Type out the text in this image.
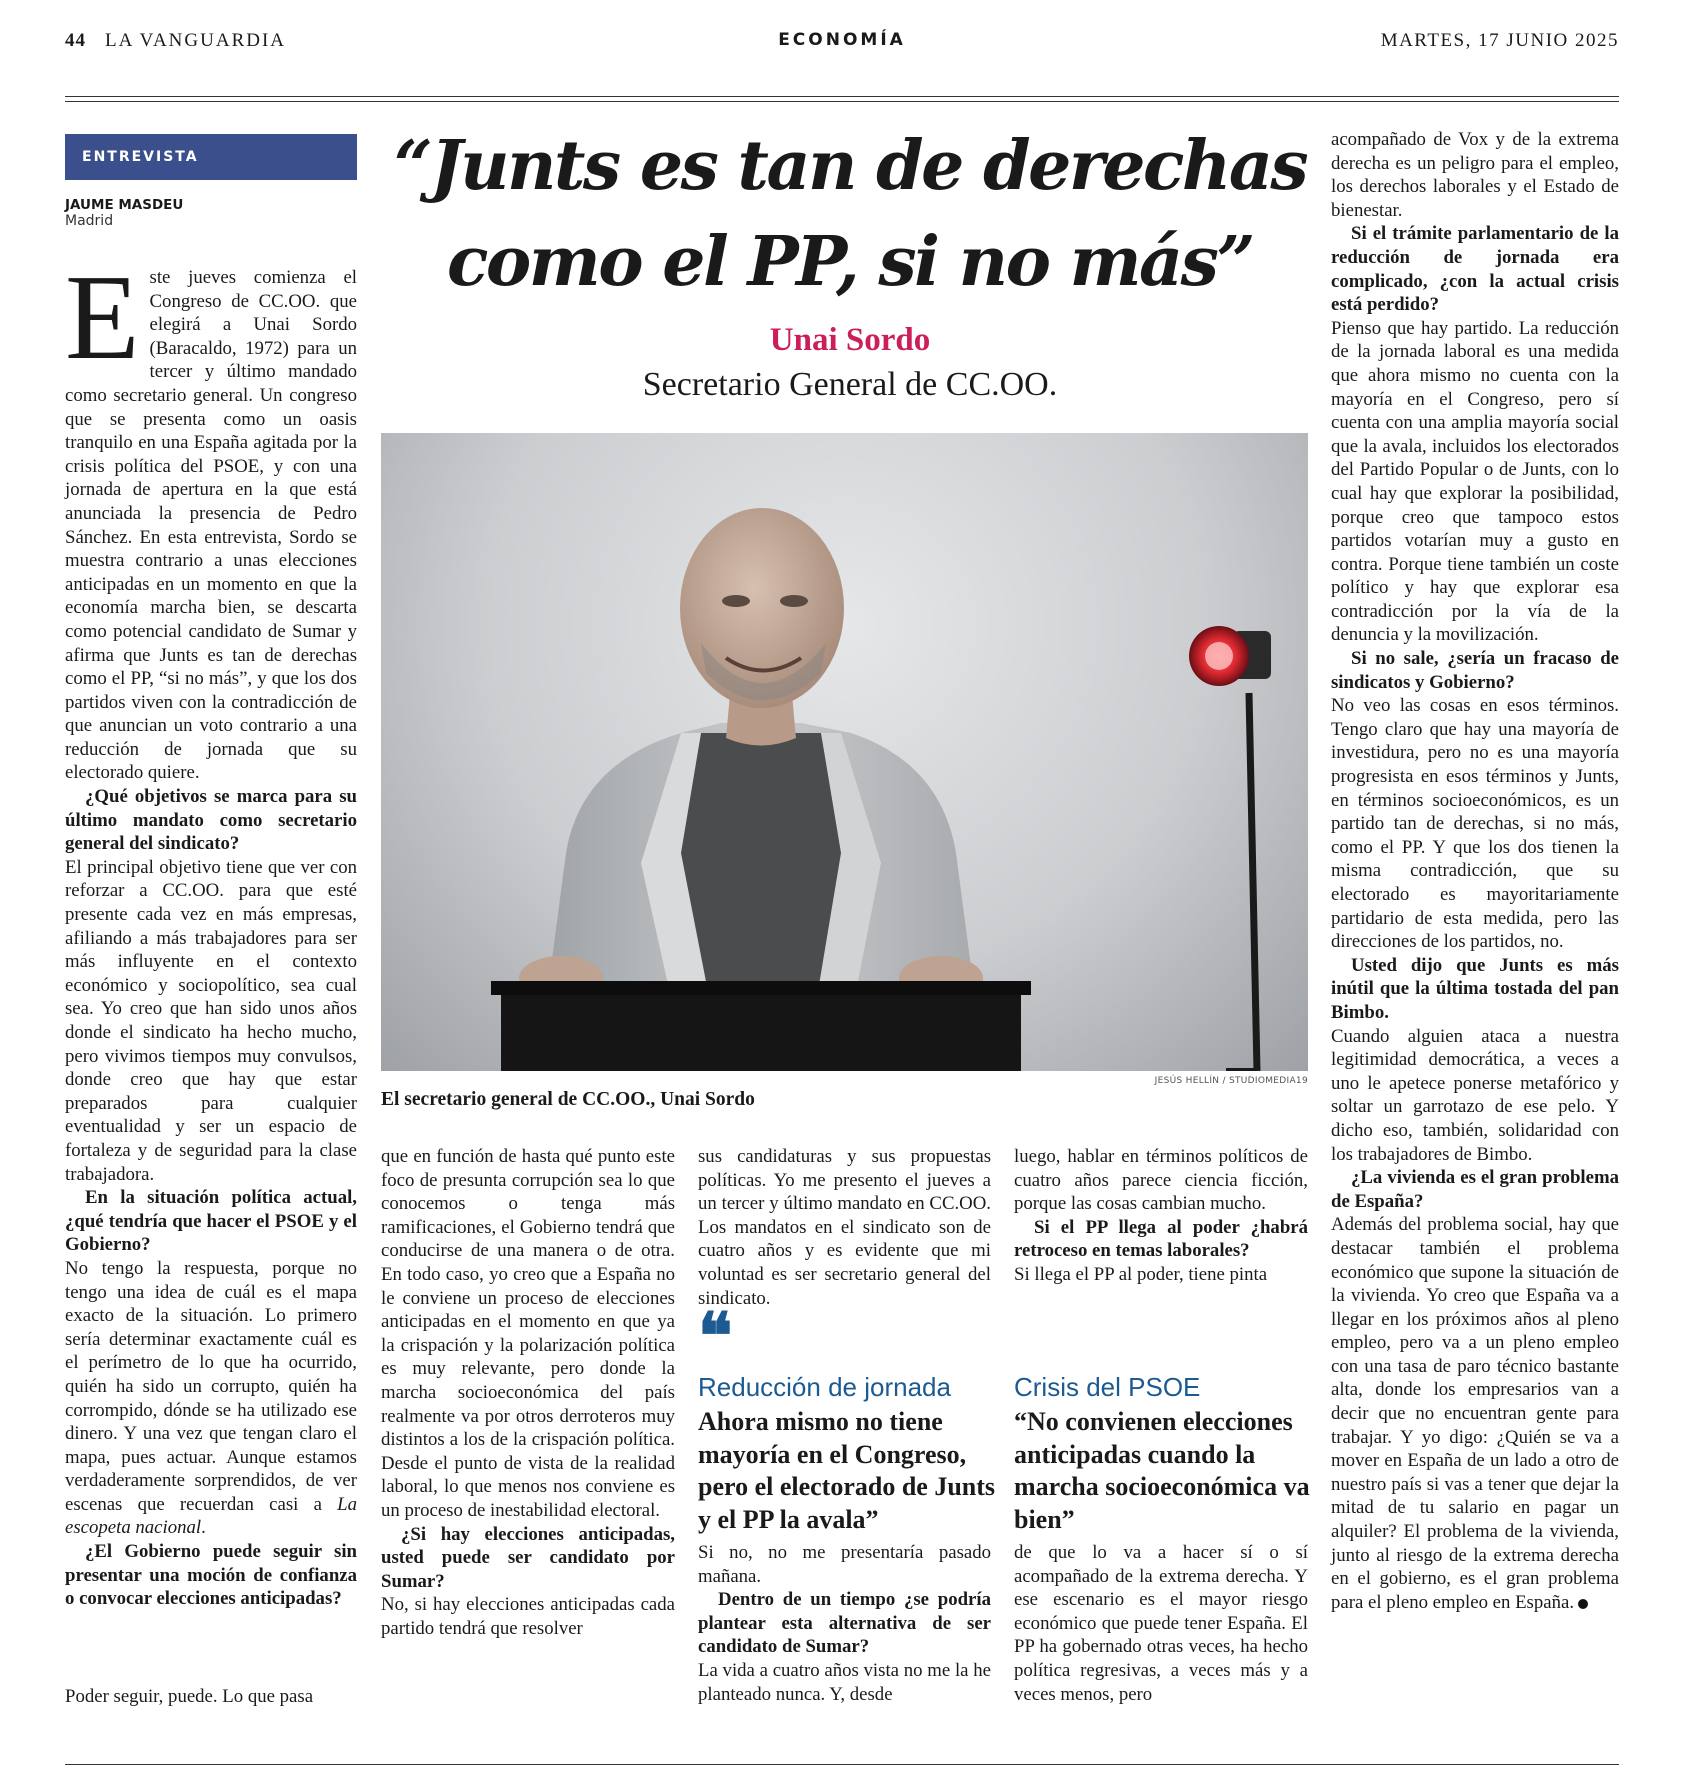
44 LA VANGUARDIA	ECONOMÍA	MARTES, 17 JUNIO 2025
ENTREVISTA
JAUME MASDEU
Madrid
“Junts es tan de derechas
como el PP, si no más”
Unai Sordo
Secretario General de CC.OO.
JESÚS HELLÍN / STUDIOMEDIA19
El secretario general de CC.OO., Unai Sordo

Este jueves comienza el Congreso de CC.OO. que elegirá a Unai Sordo (Baracaldo, 1972) para un tercer y último mandado como secretario general. Un congreso que se presenta como un oasis tranquilo en una España agitada por la crisis política del PSOE, y con una jornada de apertura en la que está anunciada la presencia de Pedro Sánchez. En esta entrevista, Sordo se muestra contrario a unas elecciones anticipadas en un momento en que la economía marcha bien, se descarta como potencial candidato de Sumar y afirma que Junts es tan de derechas como el PP, “si no más”, y que los dos partidos viven con la contradicción de que anuncian un voto contrario a una reducción de jornada que su electorado quiere.

¿Qué objetivos se marca para su último mandato como secretario general del sindicato?

El principal objetivo tiene que ver con reforzar a CC.OO. para que esté presente cada vez en más empresas, afiliando a más trabajadores para ser más influyente en el contexto económico y sociopolítico, sea cual sea. Yo creo que han sido unos años donde el sindicato ha hecho mucho, pero vivimos tiempos muy convulsos, donde creo que hay que estar preparados para cualquier eventualidad y ser un espacio de fortaleza y de seguridad para la clase trabajadora.

En la situación política actual, ¿qué tendría que hacer el PSOE y el Gobierno?

No tengo la respuesta, porque no tengo una idea de cuál es el mapa exacto de la situación. Lo primero sería determinar exactamente cuál es el perímetro de lo que ha ocurrido, quién ha sido un corrupto, quién ha corrompido, dónde se ha utilizado ese dinero. Y una vez que tengan claro el mapa, pues actuar. Aunque estamos verdaderamente sorprendidos, de ver escenas que recuerdan casi a La escopeta nacional.

¿El Gobierno puede seguir sin presentar una moción de confianza o convocar elecciones anticipadas?

Poder seguir, puede. Lo que pasa

que en función de hasta qué punto este foco de presunta corrupción sea lo que conocemos o tenga más ramificaciones, el Gobierno tendrá que conducirse de una manera o de otra. En todo caso, yo creo que a España no le conviene un proceso de elecciones anticipadas en el momento en que ya la crispación y la polarización política es muy relevante, pero donde la marcha socioeconómica del país realmente va por otros derroteros muy distintos a los de la crispación política. Desde el punto de vista de la realidad laboral, lo que menos nos conviene es un proceso de inestabilidad electoral.

¿Si hay elecciones anticipadas, usted puede ser candidato por Sumar?

No, si hay elecciones anticipadas cada partido tendrá que resolver

sus candidaturas y sus propuestas políticas. Yo me presento el jueves a un tercer y último mandato en CC.OO. Los mandatos en el sindicato son de cuatro años y es evidente que mi voluntad es ser secretario general del sindicato.

❝
Reducción de jornada
Ahora mismo no tiene mayoría en el Congreso, pero el electorado de Junts y el PP la avala”

Si no, no me presentaría pasado mañana.

Dentro de un tiempo ¿se podría plantear esta alternativa de ser candidato de Sumar?

La vida a cuatro años vista no me la he planteado nunca. Y, desde

luego, hablar en términos políticos de cuatro años parece ciencia ficción, porque las cosas cambian mucho.

Si el PP llega al poder ¿habrá retroceso en temas laborales?

Si llega el PP al poder, tiene pinta

Crisis del PSOE
“No convienen elecciones anticipadas cuando la marcha socioeconómica va bien”

de que lo va a hacer sí o sí acompañado de la extrema derecha. Y ese escenario es el mayor riesgo económico que puede tener España. El PP ha gobernado otras veces, ha hecho política regresivas, a veces más y a veces menos, pero

acompañado de Vox y de la extrema derecha es un peligro para el empleo, los derechos laborales y el Estado de bienestar.

Si el trámite parlamentario de la reducción de jornada era complicado, ¿con la actual crisis está perdido?

Pienso que hay partido. La reducción de la jornada laboral es una medida que ahora mismo no cuenta con la mayoría en el Congreso, pero sí cuenta con una amplia mayoría social que la avala, incluidos los electorados del Partido Popular o de Junts, con lo cual hay que explorar la posibilidad, porque creo que tampoco estos partidos votarían muy a gusto en contra. Porque tiene también un coste político y hay que explorar esa contradicción por la vía de la denuncia y la movilización.

Si no sale, ¿sería un fracaso de sindicatos y Gobierno?

No veo las cosas en esos términos. Tengo claro que hay una mayoría de investidura, pero no es una mayoría progresista en esos términos y Junts, en términos socioeconómicos, es un partido tan de derechas, si no más, como el PP. Y que los dos tienen la misma contradicción, que su electorado es mayoritariamente partidario de esta medida, pero las direcciones de los partidos, no.

Usted dijo que Junts es más inútil que la última tostada del pan Bimbo.

Cuando alguien ataca a nuestra legitimidad democrática, a veces a uno le apetece ponerse metafórico y soltar un garrotazo de ese pelo. Y dicho eso, también, solidaridad con los trabajadores de Bimbo.

¿La vivienda es el gran problema de España?

Además del problema social, hay que destacar también el problema económico que supone la situación de la vivienda. Yo creo que España va a llegar en los próximos años al pleno empleo, pero va a un pleno empleo con una tasa de paro técnico bastante alta, donde los empresarios van a decir que no encuentran gente para trabajar. Y yo digo: ¿Quién se va a mover en España de un lado a otro de nuestro país si vas a tener que dejar la mitad de tu salario en pagar un alquiler? El problema de la vivienda, junto al riesgo de la extrema derecha en el gobierno, es el gran problema para el pleno empleo en España.
